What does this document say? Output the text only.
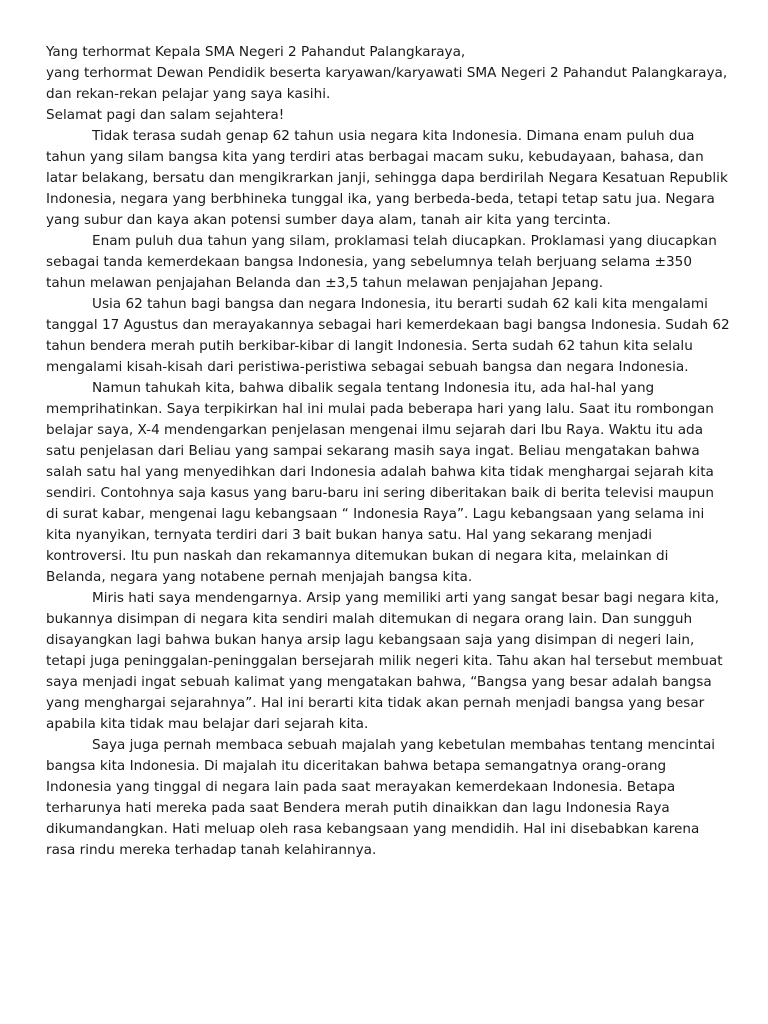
Yang terhormat Kepala SMA Negeri 2 Pahandut Palangkaraya,

yang terhormat Dewan Pendidik beserta karyawan/karyawati SMA Negeri 2 Pahandut Palangkaraya,

dan rekan-rekan pelajar yang saya kasihi.

Selamat pagi dan salam sejahtera!

Tidak terasa sudah genap 62 tahun usia negara kita Indonesia. Dimana enam puluh dua tahun yang silam bangsa kita yang terdiri atas berbagai macam suku, kebudayaan, bahasa, dan latar belakang, bersatu dan mengikrarkan janji, sehingga dapa berdirilah Negara Kesatuan Republik Indonesia, negara yang berbhineka tunggal ika, yang berbeda-beda, tetapi tetap satu jua. Negara yang subur dan kaya akan potensi sumber daya alam, tanah air kita yang tercinta.

Enam puluh dua tahun yang silam, proklamasi telah diucapkan. Proklamasi yang diucapkan sebagai tanda kemerdekaan bangsa Indonesia, yang sebelumnya telah berjuang selama ±350 tahun melawan penjajahan Belanda dan ±3,5 tahun melawan penjajahan Jepang.

Usia 62 tahun bagi bangsa dan negara Indonesia, itu berarti sudah 62 kali kita mengalami tanggal 17 Agustus dan merayakannya sebagai hari kemerdekaan bagi bangsa Indonesia. Sudah 62 tahun bendera merah putih berkibar-kibar di langit Indonesia. Serta sudah 62 tahun kita selalu mengalami kisah-kisah dari peristiwa-peristiwa sebagai sebuah bangsa dan negara Indonesia.

Namun tahukah kita, bahwa dibalik segala tentang Indonesia itu, ada hal-hal yang memprihatinkan. Saya terpikirkan hal ini mulai pada beberapa hari yang lalu. Saat itu rombongan belajar saya, X-4 mendengarkan penjelasan mengenai ilmu sejarah dari Ibu Raya. Waktu itu ada satu penjelasan dari Beliau yang sampai sekarang masih saya ingat. Beliau mengatakan bahwa salah satu hal yang menyedihkan dari Indonesia adalah bahwa kita tidak menghargai sejarah kita sendiri. Contohnya saja kasus yang baru-baru ini sering diberitakan baik di berita televisi maupun di surat kabar, mengenai lagu kebangsaan “ Indonesia Raya”. Lagu kebangsaan yang selama ini kita nyanyikan, ternyata terdiri dari 3 bait bukan hanya satu. Hal yang sekarang menjadi kontroversi. Itu pun naskah dan rekamannya ditemukan bukan di negara kita, melainkan di Belanda, negara yang notabene pernah menjajah bangsa kita.

Miris hati saya mendengarnya. Arsip yang memiliki arti yang sangat besar bagi negara kita, bukannya disimpan di negara kita sendiri malah ditemukan di negara orang lain. Dan sungguh disayangkan lagi bahwa bukan hanya arsip lagu kebangsaan saja yang disimpan di negeri lain, tetapi juga peninggalan-peninggalan bersejarah milik negeri kita. Tahu akan hal tersebut membuat saya menjadi ingat sebuah kalimat yang mengatakan bahwa, “Bangsa yang besar adalah bangsa yang menghargai sejarahnya”. Hal ini berarti kita tidak akan pernah menjadi bangsa yang besar apabila kita tidak mau belajar dari sejarah kita.

Saya juga pernah membaca sebuah majalah yang kebetulan membahas tentang mencintai bangsa kita Indonesia. Di majalah itu diceritakan bahwa betapa semangatnya orang-orang Indonesia yang tinggal di negara lain pada saat merayakan kemerdekaan Indonesia. Betapa terharunya hati mereka pada saat Bendera merah putih dinaikkan dan lagu Indonesia Raya dikumandangkan. Hati meluap oleh rasa kebangsaan yang mendidih. Hal ini disebabkan karena rasa rindu mereka terhadap tanah kelahirannya.
